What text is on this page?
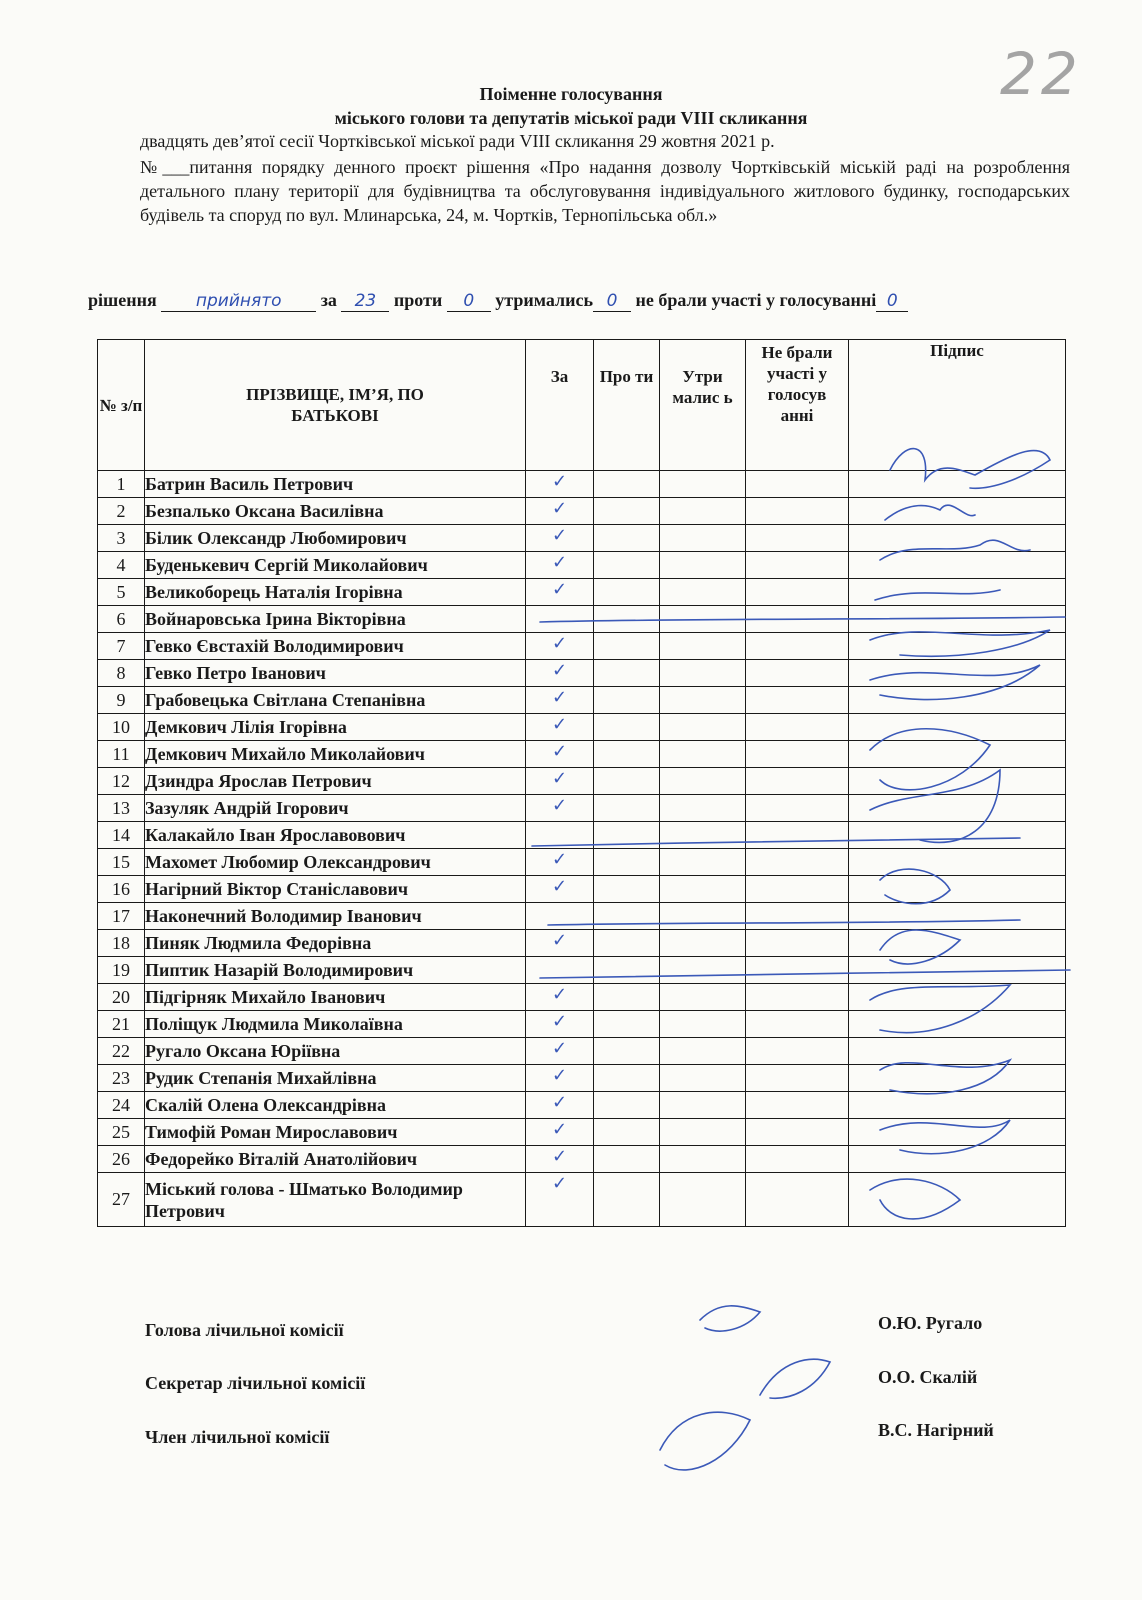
22
Поіменне голосування
міського голови та депутатів міської ради VIII скликання
двадцять дев’ятої сесії Чортківської міської ради VIII скликання 29 жовтня 2021 р.
№___питання порядку денного проєкт рішення «Про надання дозволу Чортківській міській раді на розроблення детального плану території для будівництва та обслуговування індивідуального житлового будинку, господарських будівель та споруд по вул. Млинарська, 24, м. Чортків, Тернопільська обл.»
рішення прийнято за 23 проти 0 утримались 0 не брали участі у голосуванні 0
№ з/п	ПРІЗВИЩЕ, ІМ’Я, ПО БАТЬКОВІ	За	Про ти	Утри малис ь	Не брали участі у голосув анні	Підпис
1	Батрин Василь Петрович	✓				
2	Безпалько Оксана Василівна	✓				
3	Білик Олександр Любомирович	✓				
4	Буденькевич Сергій Миколайович	✓				
5	Великоборець Наталія Ігорівна	✓				
6	Войнаровська Ірина Вікторівна					
7	Гевко Євстахій Володимирович	✓				
8	Гевко Петро Іванович	✓				
9	Грабовецька Світлана Степанівна	✓				
10	Демкович Лілія Ігорівна	✓				
11	Демкович Михайло Миколайович	✓				
12	Дзиндра Ярослав Петрович	✓				
13	Зазуляк Андрій Ігорович	✓				
14	Калакайло Іван Ярославовович					
15	Махомет Любомир Олександрович	✓				
16	Нагірний Віктор Станіславович	✓				
17	Наконечний Володимир Іванович					
18	Пиняк Людмила Федорівна	✓				
19	Пиптик Назарій Володимирович					
20	Підгірняк Михайло Іванович	✓				
21	Поліщук Людмила Миколаївна	✓				
22	Ругало Оксана Юріївна	✓				
23	Рудик Степанія Михайлівна	✓				
24	Скалій Олена Олександрівна	✓				
25	Тимофій Роман Мирославович	✓				
26	Федорейко Віталій Анатолійович	✓				
27	Міський голова - Шматько Володимир Петрович	✓				
Голова лічильної комісії	О.Ю. Ругало
Секретар лічильної комісії	О.О. Скалій
Член лічильної комісії	В.С. Нагірний
